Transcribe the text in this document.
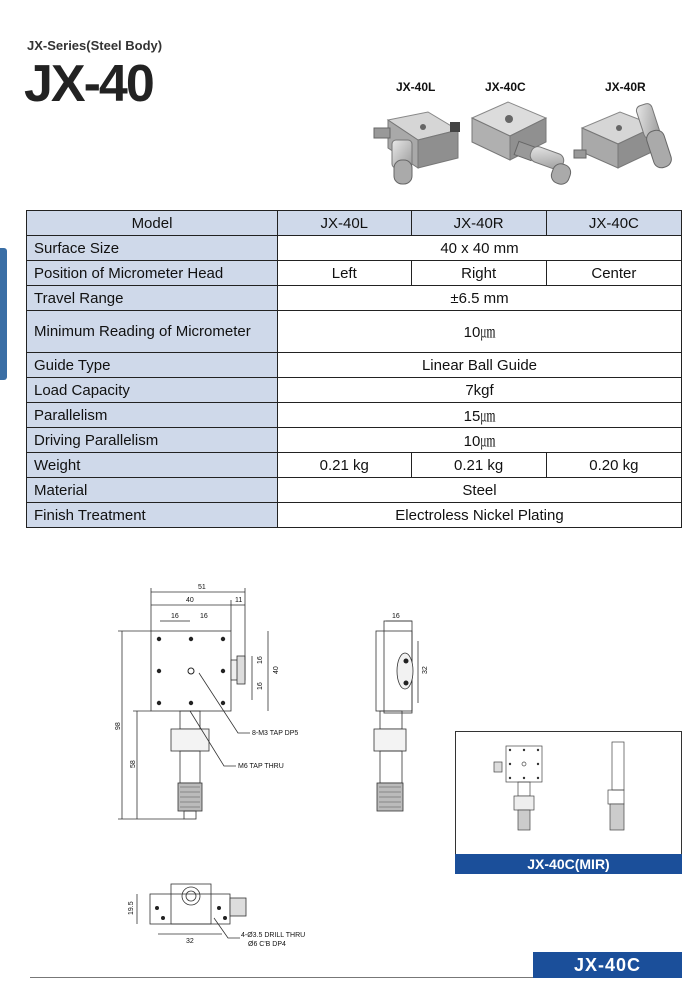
JX-Series(Steel Body)
JX-40	JX-40L	JX-40C	JX-40R
Model	JX-40L	JX-40R	JX-40C
Surface Size	40 x 40 mm		
Position of Micrometer Head	Left	Right	Center
Travel Range	±6.5 mm		
Minimum Reading of Micrometer	10㎛		
Guide Type	Linear Ball Guide		
Load Capacity	7kgf		
Parallelism	15㎛		
Driving Parallelism	10㎛		
Weight	0.21 kg	0.21 kg	0.20 kg
Material	Steel		
Finish Treatment	Electroless Nickel Plating		
51
40	11
16	16
16
16
40
98
58
16
32
19.5
32
8-M3 TAP DP5
M6 TAP THRU
4-Ø3.5 DRILL THRU
Ø6 C'B DP4
JX-40C(MIR)
JX-40C
